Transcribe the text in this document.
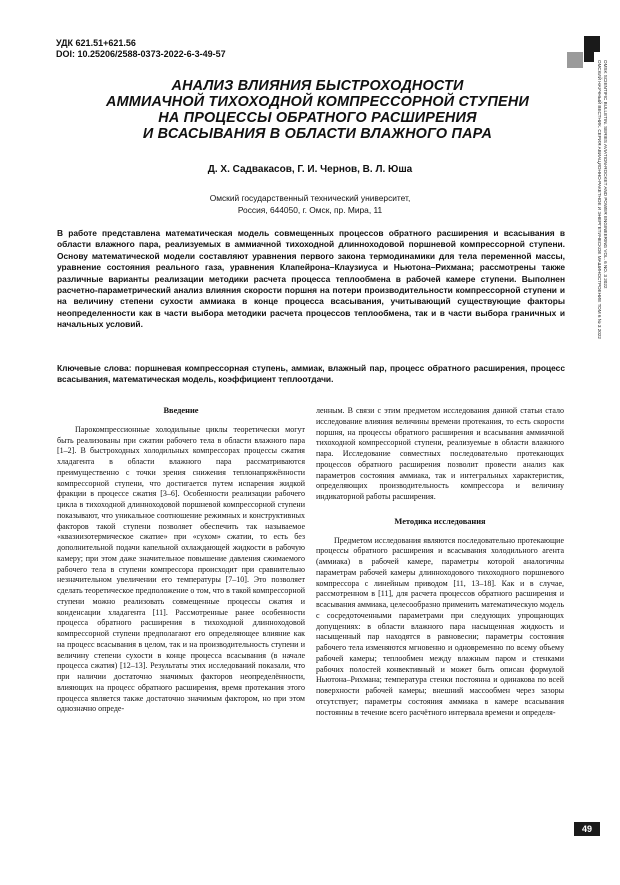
УДК 621.51+621.56
DOI: 10.25206/2588-0373-2022-6-3-49-57
АНАЛИЗ ВЛИЯНИЯ БЫСТРОХОДНОСТИ
АММИАЧНОЙ ТИХОХОДНОЙ КОМПРЕССОРНОЙ СТУПЕНИ
НА ПРОЦЕССЫ ОБРАТНОГО РАСШИРЕНИЯ
И ВСАСЫВАНИЯ В ОБЛАСТИ ВЛАЖНОГО ПАРА
Д. Х. Садвакасов, Г. И. Чернов, В. Л. Юша
Омский государственный технический университет,
Россия, 644050, г. Омск, пр. Мира, 11
В работе представлена математическая модель совмещенных процессов обратного расширения и всасывания в области влажного пара, реализуемых в аммиачной тихоходной длинноходовой поршневой компрессорной ступени. Основу математической модели составляют уравнения первого закона термодинамики для тела переменной массы, уравнение состояния реального газа, уравнения Клапейрона–Клаузиуса и Ньютона–Рихмана; рассмотрены также различные варианты реализации методики расчета процесса теплообмена в рабочей камере ступени. Выполнен расчетно-параметрический анализ влияния скорости поршня на потери производительности компрессорной ступени и на величину степени сухости аммиака в конце процесса всасывания, учитывающий существующие факторы неопределенности как в части выбора методики расчета процессов теплообмена, так и в части выбора граничных и начальных условий.
Ключевые слова: поршневая компрессорная ступень, аммиак, влажный пар, процесс обратного расширения, процесс всасывания, математическая модель, коэффициент теплоотдачи.
Введение

Парокомпрессионные холодильные циклы теоретически могут быть реализованы при сжатии рабочего тела в области влажного пара [1–2]. В быстроходных холодильных компрессорах процессы сжатия хладагента в области влажного пара рассматриваются преимущественно с точки зрения снижения теплонапряжённости компрессорной ступени, что достигается путем испарения жидкой фракции в процессе сжатия [3–6]. Особенности реализации рабочего цикла в тихоходной длинноходовой поршневой компрессорной ступени показывают, что уникальное соотношение режимных и конструктивных факторов такой ступени позволяет обеспечить так называемое «квазиизотермическое сжатие» при «сухом» сжатии, то есть без дополнительной подачи капельной охлаждающей жидкости в рабочую камеру; при этом даже значительное повышение давления сжимаемого рабочего тела в ступени компрессора происходит при сравнительно незначительном увеличении его температуры [7–10]. Это позволяет сделать теоретическое предположение о том, что в такой компрессорной ступени можно реализовать совмещенные процессы сжатия и конденсации хладагента [11]. Рассмотренные ранее особенности процесса обратного расширения в тихоходной длинноходовой компрессорной ступени предполагают его определяющее влияние как на процесс всасывания в целом, так и на производительность ступени и величину степени сухости в конце процесса всасывания (в начале процесса сжатия) [12–13]. Результаты этих исследований показали, что при наличии достаточно значимых факторов неопределённости, влияющих на процесс обратного расширения, время протекания этого процесса является также достаточно значимым фактором, но при этом однозначно опреде-

ленным. В связи с этим предметом исследования данной статьи стало исследование влияния величины времени протекания, то есть скорости поршня, на процессы обратного расширения и всасывания аммиачной тихоходной компрессорной ступени, реализуемые в области влажного пара. Исследование совместных последовательно протекающих процессов обратного расширения позволит провести анализ как параметров состояния аммиака, так и интегральных характеристик, определяющих производительность компрессора и величину индикаторной работы расширения.

Методика исследования

Предметом исследования являются последовательно протекающие процессы обратного расширения и всасывания холодильного агента (аммиака) в рабочей камере, параметры которой аналогичны параметрам рабочей камеры длинноходового тихоходного поршневого компрессора с линейным приводом [11, 13–18]. Как и в случае, рассмотренном в [11], для расчета процессов обратного расширения и всасывания аммиака, целесообразно применить математическую модель с сосредоточенными параметрами при следующих упрощающих допущениях: в области влажного пара насыщенная жидкость и насыщенный пар находятся в равновесии; параметры состояния рабочего тела изменяются мгновенно и одновременно по всему объему рабочей камеры; теплообмен между влажным паром и стенками рабочих полостей конвективный и может быть описан формулой Ньютона–Рихмана; температура стенки постоянна и одинакова по всей поверхности рабочей камеры; внешний массообмен через зазоры отсутствует; параметры состояния аммиака в камере всасывания постоянны в течение всего расчётного интервала времени и определя-

ОМСКИЙ НАУЧНЫЙ ВЕСТНИК. СЕРИЯ АВИАЦИОННО-РАКЕТНОЕ И ЭНЕРГЕТИЧЕСКОЕ МАШИНОСТРОЕНИЕ ТОМ 6 № 3 2022 OMSK SCIENTIFIC BULLETIN. SERIES AVIATION-ROCKET AND POWER ENGINEERING VOL. 6 NO. 3 2022
49
